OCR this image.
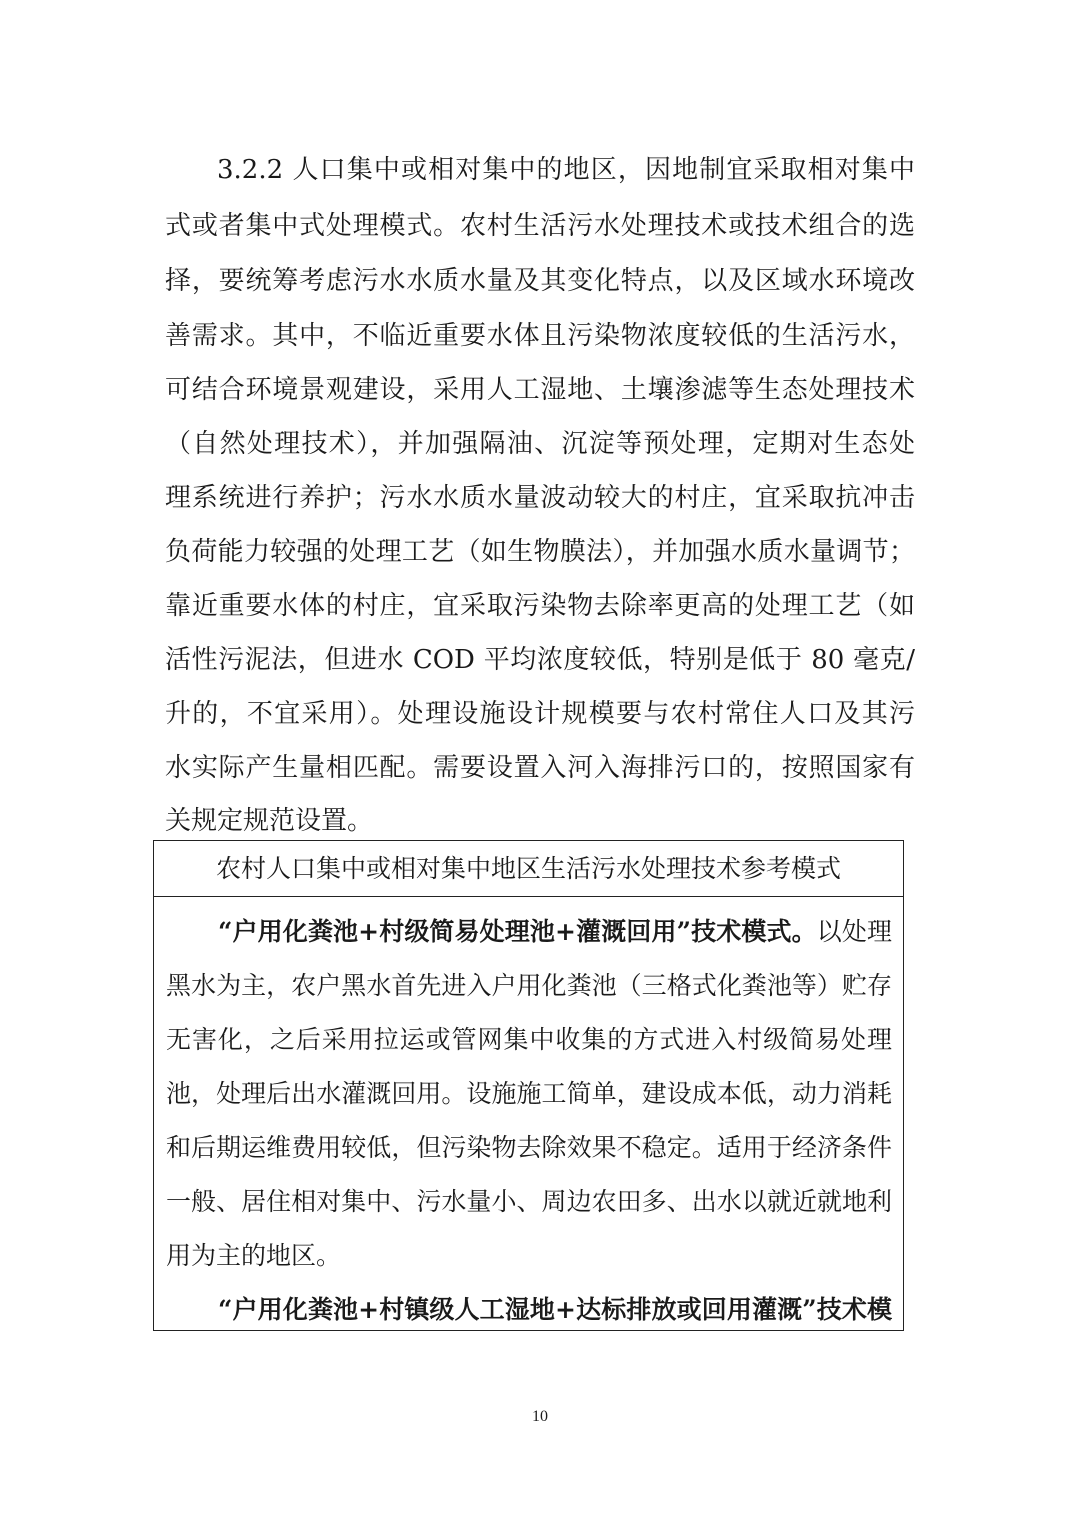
3.2.2 人口集中或相对集中的地区，因地制宜采取相对集中
式或者集中式处理模式。农村生活污水处理技术或技术组合的选
择，要统筹考虑污水水质水量及其变化特点，以及区域水环境改
善需求。其中，不临近重要水体且污染物浓度较低的生活污水，
可结合环境景观建设，采用人工湿地、土壤渗滤等生态处理技术
（自然处理技术），并加强隔油、沉淀等预处理，定期对生态处
理系统进行养护；污水水质水量波动较大的村庄，宜采取抗冲击
负荷能力较强的处理工艺（如生物膜法），并加强水质水量调节；
靠近重要水体的村庄，宜采取污染物去除率更高的处理工艺（如
活性污泥法，但进水 COD 平均浓度较低，特别是低于 80 毫克/
升的，不宜采用）。处理设施设计规模要与农村常住人口及其污
水实际产生量相匹配。需要设置入河入海排污口的，按照国家有
关规定规范设置。
农村人口集中或相对集中地区生活污水处理技术参考模式
“户用化粪池+村级简易处理池+灌溉回用”技术模式。以处理
黑水为主，农户黑水首先进入户用化粪池（三格式化粪池等）贮存
无害化，之后采用拉运或管网集中收集的方式进入村级简易处理
池，处理后出水灌溉回用。设施施工简单，建设成本低，动力消耗
和后期运维费用较低，但污染物去除效果不稳定。适用于经济条件
一般、居住相对集中、污水量小、周边农田多、出水以就近就地利
用为主的地区。
“户用化粪池+村镇级人工湿地+达标排放或回用灌溉”技术模
10
